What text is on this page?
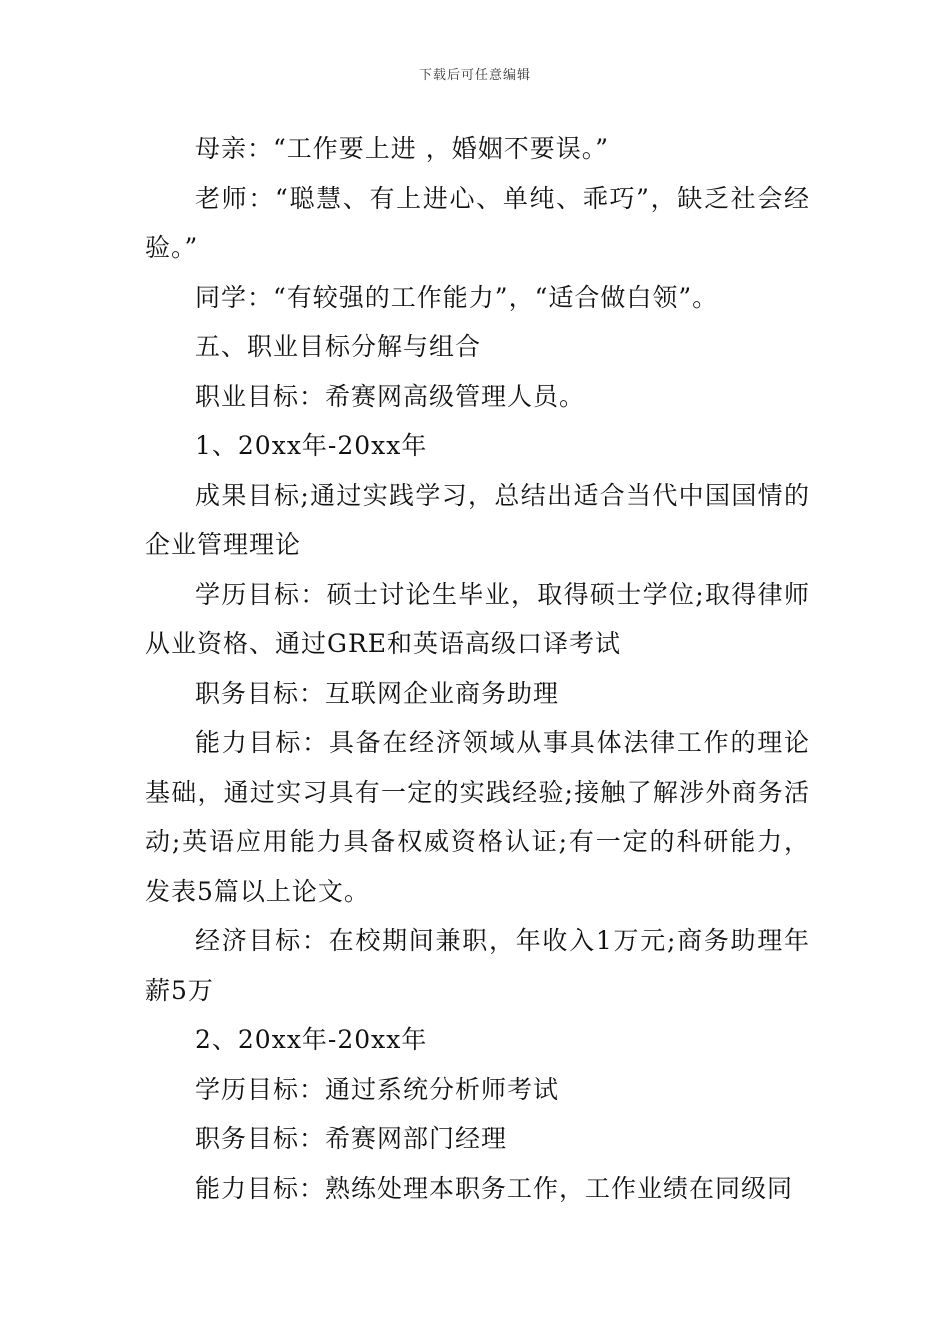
下载后可任意编辑

母亲：“工作要上进 ，婚姻不要误。”

老师：“聪慧、有上进心、单纯、乖巧”，缺乏社会经验。”

同学：“有较强的工作能力”，“适合做白领”。

五、职业目标分解与组合

职业目标：希赛网高级管理人员。

1、20xx年-20xx年

成果目标;通过实践学习，总结出适合当代中国国情的企业管理理论

学历目标：硕士讨论生毕业，取得硕士学位;取得律师从业资格、通过GRE和英语高级口译考试

职务目标：互联网企业商务助理

能力目标：具备在经济领域从事具体法律工作的理论基础，通过实习具有一定的实践经验;接触了解涉外商务活动;英语应用能力具备权威资格认证;有一定的科研能力，发表5篇以上论文。

经济目标：在校期间兼职，年收入1万元;商务助理年薪5万

2、20xx年-20xx年

学历目标：通过系统分析师考试

职务目标：希赛网部门经理

能力目标：熟练处理本职务工作，工作业绩在同级同
